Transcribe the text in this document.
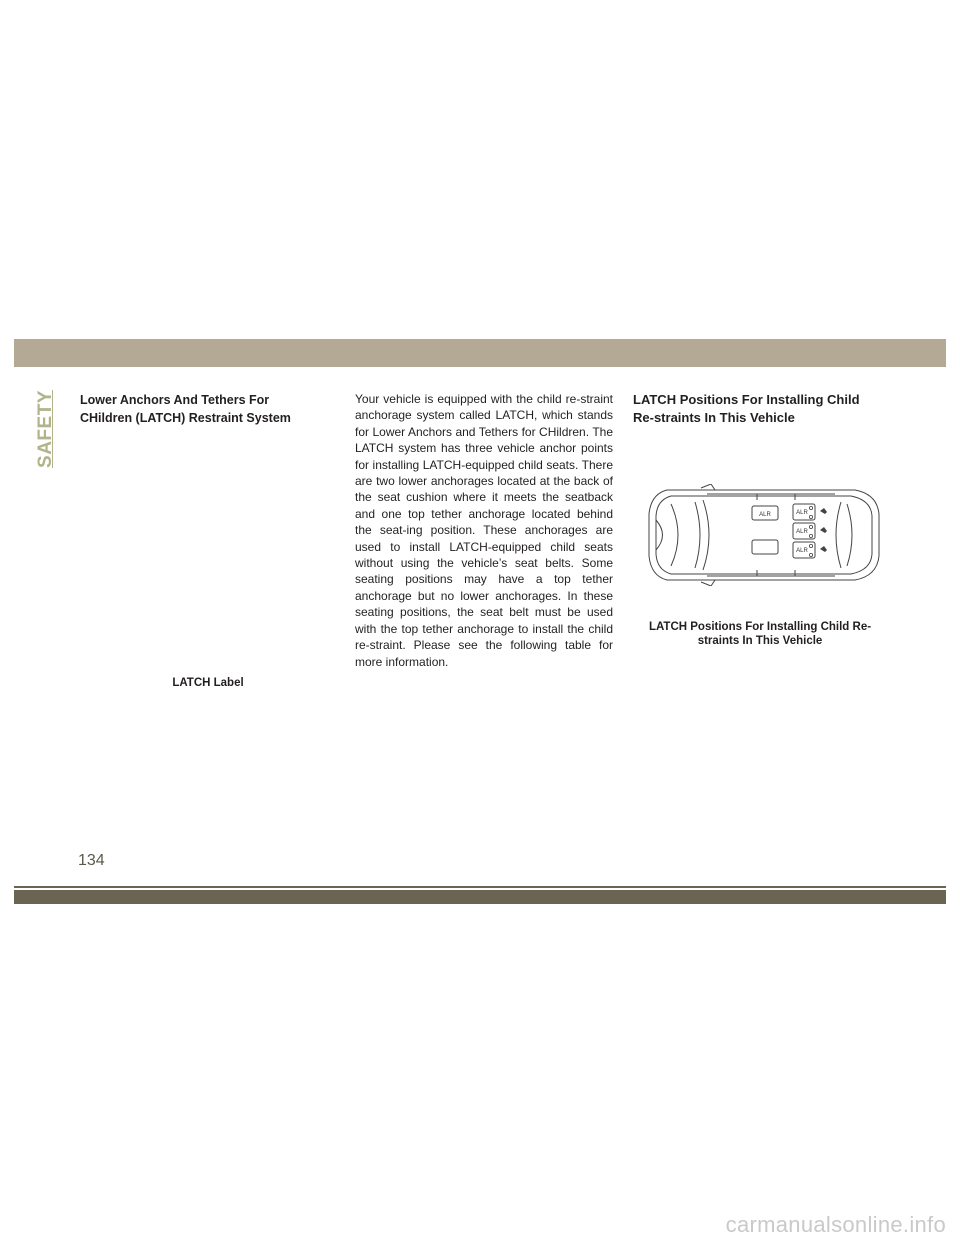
SAFETY Lower Anchors And Tethers For CHildren (LATCH) Restraint System

LATCH Label

Your vehicle is equipped with the child re-straint anchorage system called LATCH, which stands for Lower Anchors and Tethers for CHildren. The LATCH system has three vehicle anchor points for installing LATCH-equipped child seats. There are two lower anchorages located at the back of the seat cushion where it meets the seatback and one top tether anchorage located behind the seat-ing position. These anchorages are used to install LATCH-equipped child seats without using the vehicle’s seat belts. Some seating positions may have a top tether anchorage but no lower anchorages. In these seating positions, the seat belt must be used with the top tether anchorage to install the child re-straint. Please see the following table for more information.

LATCH Positions For Installing Child Re-straints In This Vehicle

ALR	ALR
ALR
ALR

LATCH Positions For Installing Child Re-straints In This Vehicle

134
carmanualsonline.info
